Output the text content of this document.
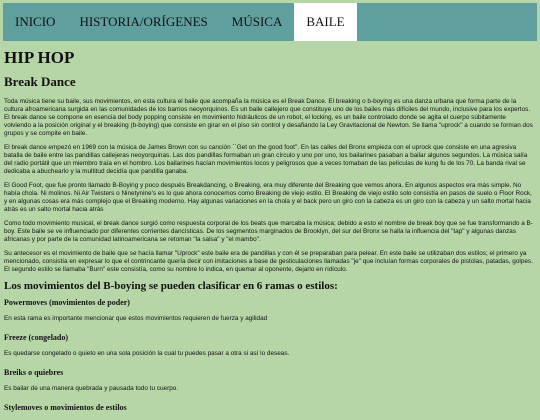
INICIO	HISTORIA/ORÍGENES	MÚSICA	BAILE
HIP HOP
Break Dance

Toda música tiene su baile, sus movimientos, en esta cultura el baile que acompaña la música es el Break Dance. El breaking o b-boying es una danza urbana que forma parte de la cultura afroamericana surgida en las comunidades de los barrios neoyorquinos. Es un baile callejero que constituye uno de los bailes más difíciles del mundo, inclusive para los expertos. El break dance se compone en esencia del body popping consiste en movimiento hidráulicos de un robot, el locking, es un baile controlado donde se agita el cuerpo súbitamente volviendo a la posición original y el breaking (b-boying) que consiste en girar en el piso sin control y desafiando la Ley Gravitacional de Newton. Se llama "uprock" a cuando se forman dos grupos y se compite en baile.

El break dance empezó en 1969 con la música de James Brown con su canción ``Get on the good foot''. En las calles del Bronx empieza con el uprock que consiste en una agresiva batalla de baile entre las pandillas callejeras neoyorquinas. Las dos pandillas formaban un gran círculo y uno por uno, los bailarines pasaban a bailar algunos segundos. La música salía del radio portátil que un miembro traía en el hombro. Los bailarines hacían movimientos locos y peligrosos que a veces tomaban de las películas de kung fu de los 70. La banda rival se dedicaba a abuchearlo y la multitud decidía que pandilla ganaba.

El Good Foot, que fue pronto llamado B-Boying y poco después Breakdancing, o Breaking, era muy diferente del Breaking que vemos ahora. En algunos aspectos era más simple. No había chola. Ni molinos. Ni Air Twisters o Ninetynine's es lo que ahora conocemos como Breaking de viejo estilo. El Breaking de viejo estilo solo consistía en pasos de suelo o Floor Rock, y en algunas cosas era más complejo que el Breaking moderno. Hay algunas variaciones en la chola y el back pero un giro con la cabeza es un giro con la cabeza y un salto mortal hacia atrás es un salto mortal hacia atrás

Como todo movimiento musical, el break dance surgió como respuesta corporal de los beats que marcaba la música; debido a esto el nombre de break boy que se fue transformando a B-boy. Este baile se ve influenciado por diferentes corrientes dancísticas. De los segmentos marginados de Brooklyn, del sur del Bronx se halla la influencia del "tap" y algunas danzas africanas y por parte de la comunidad latinoamericana se retoman "la salsa" y "el mambo".

Su antecesor es el movimiento de baile que se hacía llamar "Uprock" este baile era de pandillas y con él se preparaban para pelear. En este baile se utilizaban dos estilos; el primero ya mencionado, consistía en expresar lo que el contrincante quería decir con imitaciones a base de gesticulaciones llamadas "je" que incluían formas corporales de pistolas, patadas, golpes. El segundo estilo se llamaba "Burn" este consistía, como su nombre lo indica, en quemar al oponente, dejarlo en ridículo.

Los movimientos del B-boying se pueden clasificar en 6 ramas o estilos:
Powermoves (movimientos de poder)

En esta rama es importante mencionar que estos movimientos requieren de fuerza y agilidad

Freeze (congelado)

Es quedarse congelado o quieto en una sola posición la cual tu puedes pasar a otra si así lo deseas.

Breiks o quiebres

Es bailar de una manera quebrada y pausada todo tu cuerpo.

Stylemoves o movimientos de estilos
